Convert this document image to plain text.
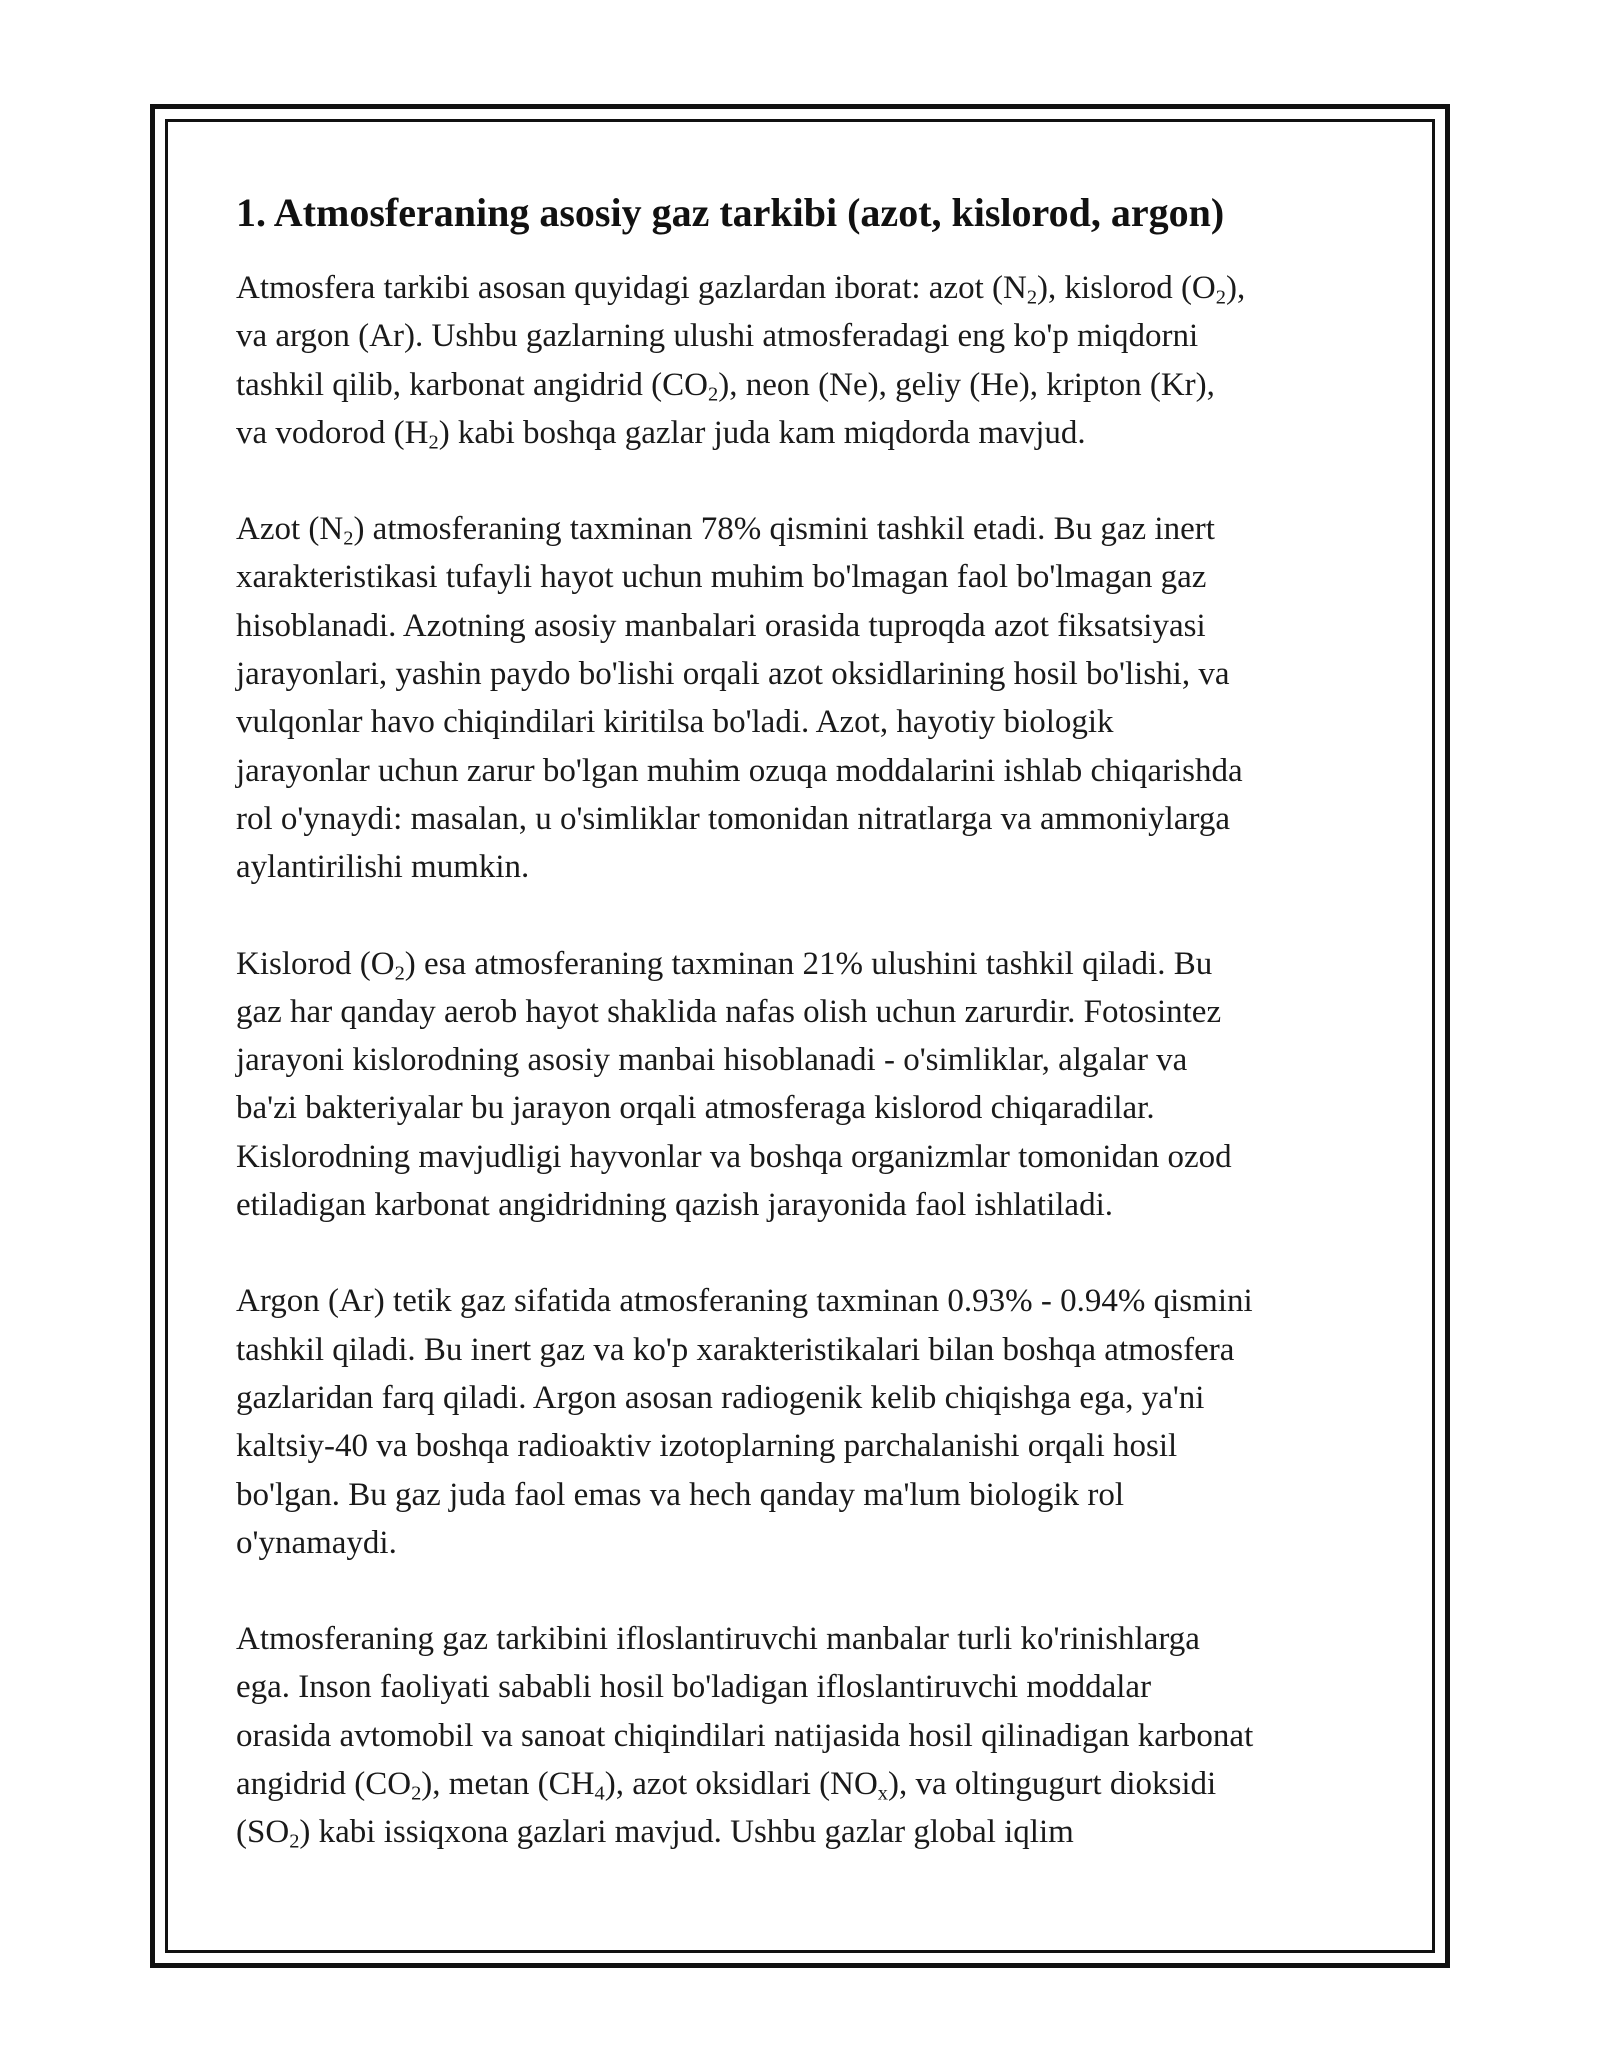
1. Atmosferaning asosiy gaz tarkibi (azot, kislorod, argon)
Atmosfera tarkibi asosan quyidagi gazlardan iborat: azot $(N_2)$, kislorod $(O_2)$,
va argon (Ar). Ushbu gazlarning ulushi atmosferadagi eng ko'p miqdorni
tashkil qilib, karbonat angidrid $(CO_2)$, neon (Ne), geliy (He), kripton (Kr),
va vodorod $(H_2)$ kabi boshqa gazlar juda kam miqdorda mavjud.
Azot $(N_2)$ atmosferaning taxminan 78% qismini tashkil etadi. Bu gaz inert
xarakteristikasi tufayli hayot uchun muhim bo'lmagan faol bo'lmagan gaz
hisoblanadi. Azotning asosiy manbalari orasida tuproqda azot fiksatsiyasi
jarayonlari, yashin paydo bo'lishi orqali azot oksidlarining hosil bo'lishi, va
vulqonlar havo chiqindilari kiritilsa bo'ladi. Azot, hayotiy biologik
jarayonlar uchun zarur bo'lgan muhim ozuqa moddalarini ishlab chiqarishda
rol o'ynaydi: masalan, u o'simliklar tomonidan nitratlarga va ammoniylarga
aylantirilishi mumkin.
Kislorod $(O_2)$ esa atmosferaning taxminan 21% ulushini tashkil qiladi. Bu
gaz har qanday aerob hayot shaklida nafas olish uchun zarurdir. Fotosintez
jarayoni kislorodning asosiy manbai hisoblanadi - o'simliklar, algalar va
ba'zi bakteriyalar bu jarayon orqali atmosferaga kislorod chiqaradilar.
Kislorodning mavjudligi hayvonlar va boshqa organizmlar tomonidan ozod
etiladigan karbonat angidridning qazish jarayonida faol ishlatiladi.
Argon (Ar) tetik gaz sifatida atmosferaning taxminan 0.93% - 0.94% qismini
tashkil qiladi. Bu inert gaz va ko'p xarakteristikalari bilan boshqa atmosfera
gazlaridan farq qiladi. Argon asosan radiogenik kelib chiqishga ega, ya'ni
kaltsiy-40 va boshqa radioaktiv izotoplarning parchalanishi orqali hosil
bo'lgan. Bu gaz juda faol emas va hech qanday ma'lum biologik rol
o'ynamaydi.
Atmosferaning gaz tarkibini ifloslantiruvchi manbalar turli ko'rinishlarga
ega. Inson faoliyati sababli hosil bo'ladigan ifloslantiruvchi moddalar
orasida avtomobil va sanoat chiqindilari natijasida hosil qilinadigan karbonat
angidrid $(CO_2)$, metan $(CH_4)$, azot oksidlari $(NO_x)$, va oltingugurt dioksidi
$(SO_2)$ kabi issiqxona gazlari mavjud. Ushbu gazlar global iqlim
